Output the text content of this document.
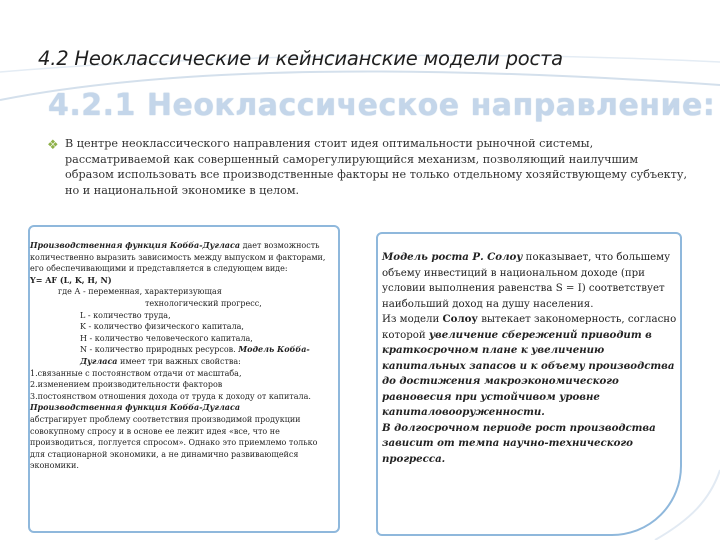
4.2 Неоклассические и кейнсианские модели роста
4.2.1 Неоклассическое направление:
❖ В центре неоклассического направления стоит идея оптимальности рыночной системы, рассматриваемой как совершенный саморегулирующийся механизм, позволяющий наилучшим образом использовать все производственные факторы не только отдельному хозяйствующему субъекту, но и национальной экономике в целом.

Производственная функция Кобба-Дугласа дает возможность количественно выразить зависимость между выпуском и факторами, его обеспечивающими и представляется в следующем виде:

Y= AF (L, K, H, N)

где А - переменная, характеризующая

технологический прогресс,

L - количество труда,

K - количество физического капитала,

H - количество человеческого капитала,

N - количество природных ресурсов. Модель Кобба-Дугласа имеет три важных свойства:

1.связанные с постоянством отдачи от масштаба,

2.изменением производительности факторов

3.постоянством отношения дохода от труда к доходу от капитала.

Производственная функция Кобба-Дугласа

абстрагирует проблему соответствия производимой продукции совокупному спросу и в основе ее лежит идея «все, что не производиться, поглуется спросом». Однако это приемлемо только для стационарной экономики, а не динамично развивающейся экономики.

Модель роста Р. Солоу показывает, что большему объему инвестиций в национальном доходе (при условии выполнения равенства S = I) соответствует наибольший доход на душу населения.

Из модели Солоу вытекает закономерность, согласно которой увеличение сбережений приводит в краткосрочном плане к увеличению капитальных запасов и к объему производства до достижения макроэкономического равновесия при устойчивом уровне капиталовооруженности.

В долгосрочном периоде рост производства зависит от темпа научно-технического прогресса.
